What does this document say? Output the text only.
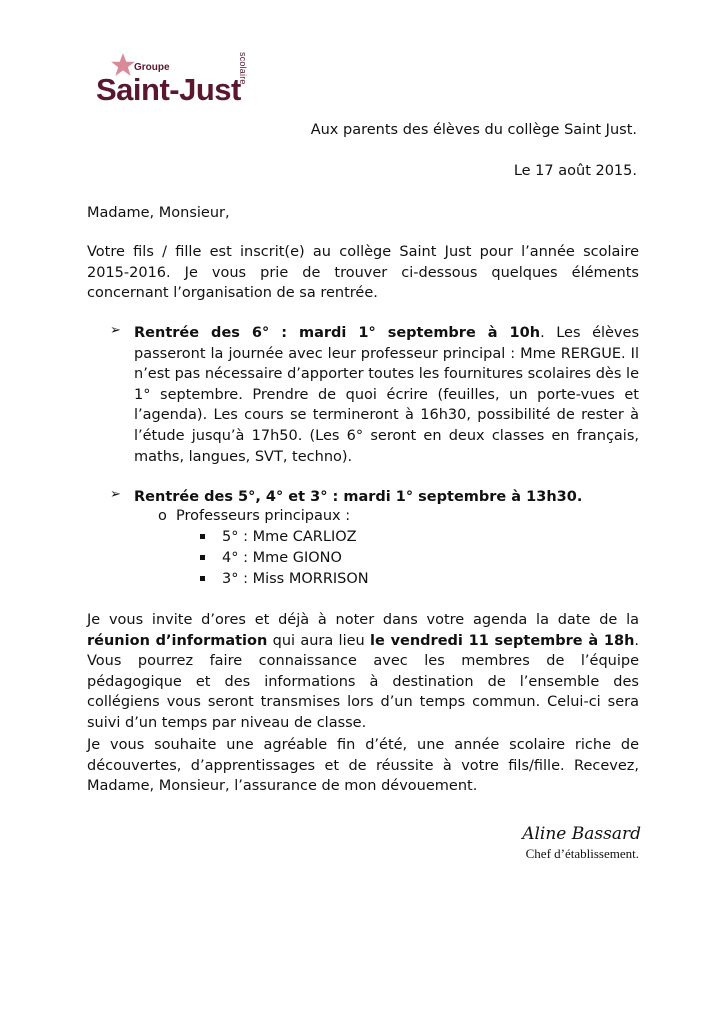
Groupe	scolaire
Saint-Just
Aux parents des élèves du collège Saint Just.
Le 17 août 2015.
Madame, Monsieur,
Votre fils / fille est inscrit(e) au collège Saint Just pour l’année scolaire 2015-2016. Je vous prie de trouver ci-dessous quelques éléments concernant l’organisation de sa rentrée.
➢ Rentrée des 6° : mardi 1° septembre à 10h. Les élèves passeront la journée avec leur professeur principal : Mme RERGUE. Il n’est pas nécessaire d’apporter toutes les fournitures scolaires dès le 1° septembre. Prendre de quoi écrire (feuilles, un porte-vues et l’agenda). Les cours se termineront à 16h30, possibilité de rester à l’étude jusqu’à 17h50. (Les 6° seront en deux classes en français, maths, langues, SVT, techno).
➢ Rentrée des 5°, 4° et 3° : mardi 1° septembre à 13h30.
o Professeurs principaux :
5° : Mme CARLIOZ
4° : Mme GIONO
3° : Miss MORRISON
Je vous invite d’ores et déjà à noter dans votre agenda la date de la réunion d’information qui aura lieu le vendredi 11 septembre à 18h. Vous pourrez faire connaissance avec les membres de l’équipe pédagogique et des informations à destination de l’ensemble des collégiens vous seront transmises lors d’un temps commun. Celui-ci sera suivi d’un temps par niveau de classe.
Je vous souhaite une agréable fin d’été, une année scolaire riche de découvertes, d’apprentissages et de réussite à votre fils/fille. Recevez, Madame, Monsieur, l’assurance de mon dévouement.
Aline Bassard
Chef d’établissement.
